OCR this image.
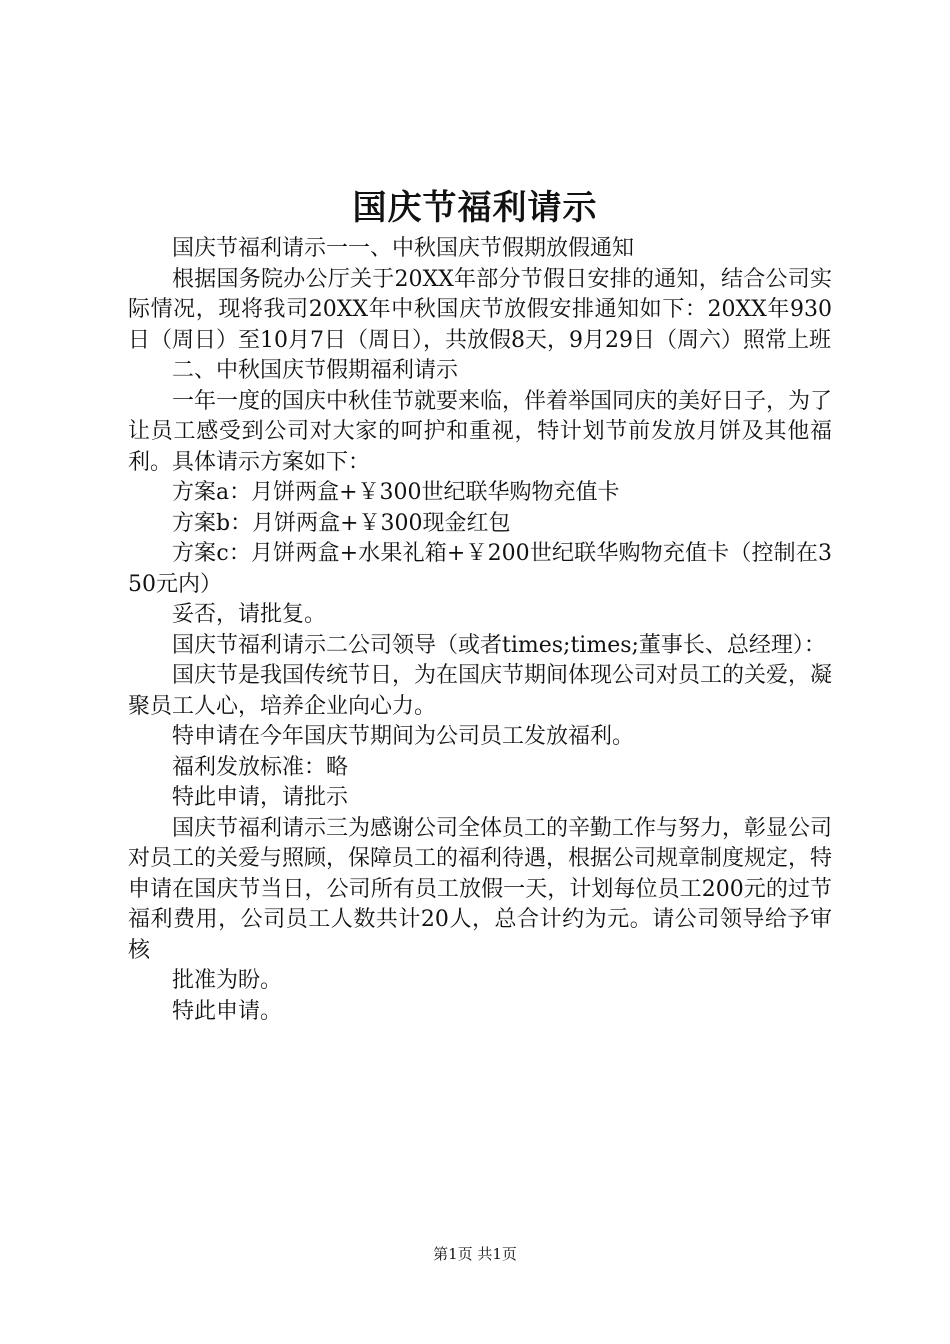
国庆节福利请示

国庆节福利请示一一、中秋国庆节假期放假通知

根据国务院办公厅关于20XX年部分节假日安排的通知，结合公司实际情况，现将我司20XX年中秋国庆节放假安排通知如下：20XX年930日（周日）至10月7日（周日），共放假8天，9月29日（周六）照常上班

二、中秋国庆节假期福利请示

一年一度的国庆中秋佳节就要来临，伴着举国同庆的美好日子，为了让员工感受到公司对大家的呵护和重视，特计划节前发放月饼及其他福利。具体请示方案如下：

方案a：月饼两盒+￥300世纪联华购物充值卡

方案b：月饼两盒+￥300现金红包

方案c：月饼两盒+水果礼箱+￥200世纪联华购物充值卡（控制在350元内）

妥否，请批复。

国庆节福利请示二公司领导（或者times;times;董事长、总经理）：

国庆节是我国传统节日，为在国庆节期间体现公司对员工的关爱，凝聚员工人心，培养企业向心力。

特申请在今年国庆节期间为公司员工发放福利。

福利发放标准：略

特此申请，请批示

国庆节福利请示三为感谢公司全体员工的辛勤工作与努力，彰显公司对员工的关爱与照顾，保障员工的福利待遇，根据公司规章制度规定，特申请在国庆节当日，公司所有员工放假一天，计划每位员工200元的过节福利费用，公司员工人数共计20人，总合计约为元。请公司领导给予审核

批准为盼。

特此申请。

第1页 共1页
